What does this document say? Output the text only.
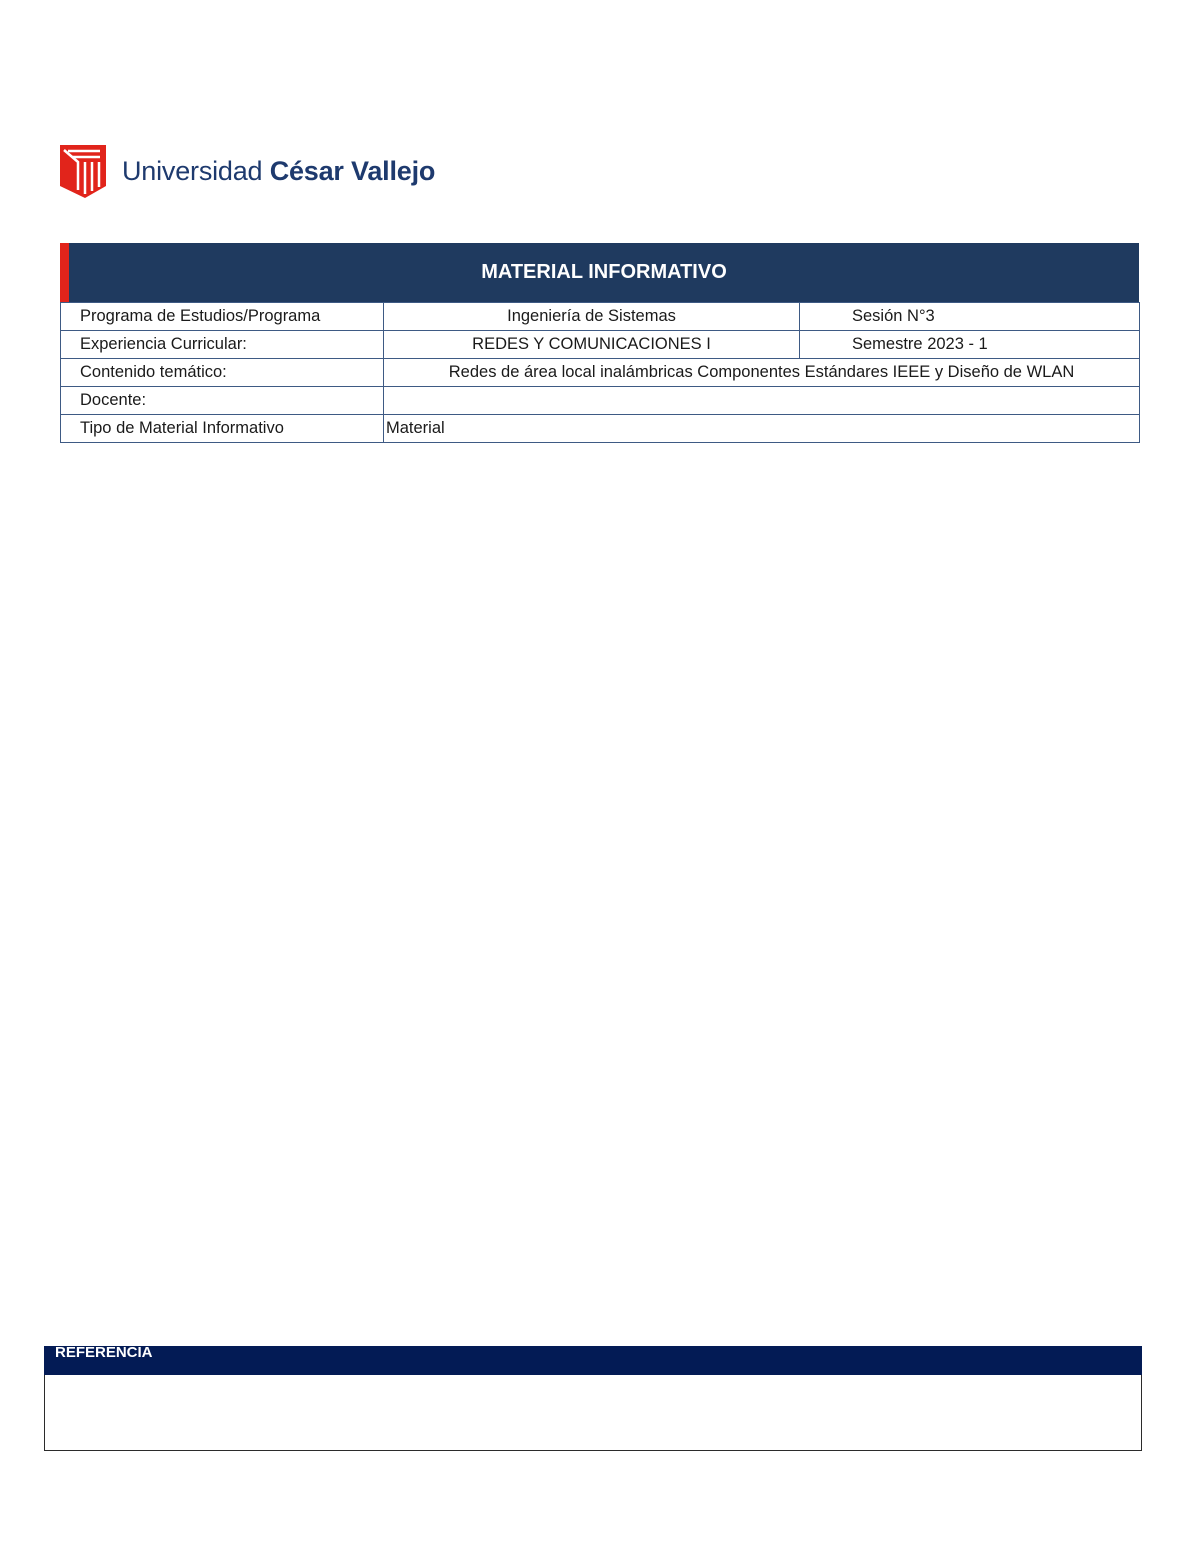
Universidad César Vallejo
MATERIAL INFORMATIVO
Programa de Estudios/Programa	Ingeniería de Sistemas	Sesión N°3
Experiencia Curricular:	REDES Y COMUNICACIONES I	Semestre 2023 - 1
Contenido temático:	Redes de área local inalámbricas Componentes Estándares IEEE y Diseño de WLAN	
Docente:		
Tipo de Material Informativo	Material	
REFERENCIA
